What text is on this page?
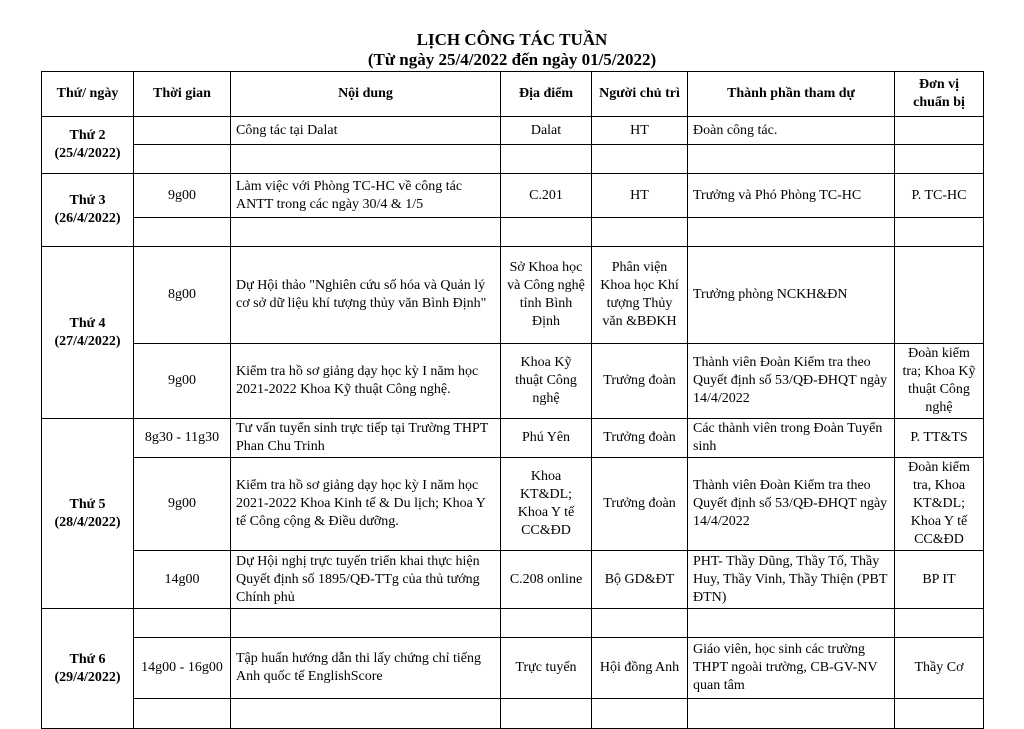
LỊCH CÔNG TÁC TUẦN
(Từ ngày 25/4/2022 đến ngày 01/5/2022)
Thứ/ ngày	Thời gian	Nội dung	Địa điểm	Người chủ trì	Thành phần tham dự	Đơn vị chuẩn bị

Thứ 2
(25/4/2022)		Công tác tại Dalat	Dalat	HT	Đoàn công tác.	

Thứ 3
(26/4/2022)	9g00	Làm việc với Phòng TC-HC về công tác ANTT trong các ngày 30/4 & 1/5	C.201	HT	Trưởng và Phó Phòng TC-HC	P. TC-HC

Thứ 4
(27/4/2022)	8g00	Dự Hội thảo "Nghiên cứu số hóa và Quản lý cơ sở dữ liệu khí tượng thủy văn Bình Định"	Sở Khoa học và Công nghệ tỉnh Bình Định	Phân viện Khoa học Khí tượng Thủy văn &BĐKH	Trưởng phòng NCKH&ĐN	
	9g00	Kiểm tra hồ sơ giảng dạy học kỳ I năm học 2021-2022 Khoa Kỹ thuật Công nghệ.	Khoa Kỹ thuật Công nghệ	Trưởng đoàn	Thành viên Đoàn Kiểm tra theo Quyết định số 53/QĐ-ĐHQT ngày 14/4/2022	Đoàn kiểm tra; Khoa Kỹ thuật Công nghệ

Thứ 5
(28/4/2022)	8g30 - 11g30	Tư vấn tuyển sinh trực tiếp tại Trường THPT Phan Chu Trinh	Phú Yên	Trưởng đoàn	Các thành viên trong Đoàn Tuyển sinh	P. TT&TS
	9g00	Kiểm tra hồ sơ giảng dạy học kỳ I năm học 2021-2022 Khoa Kinh tế & Du lịch; Khoa Y tế Công cộng & Điều dưỡng.	Khoa KT&DL; Khoa Y tế CC&ĐD	Trưởng đoàn	Thành viên Đoàn Kiểm tra theo Quyết định số 53/QĐ-ĐHQT ngày 14/4/2022	Đoàn kiểm tra, Khoa KT&DL; Khoa Y tế CC&ĐD
	14g00	Dự Hội nghị trực tuyến triển khai thực hiện Quyết định số 1895/QĐ-TTg của thủ tướng Chính phủ	C.208 online	Bộ GD&ĐT	PHT- Thầy Dũng, Thầy Tố, Thầy Huy, Thầy Vinh, Thầy Thiện (PBT ĐTN)	BP IT

Thứ 6
(29/4/2022)						

	14g00 - 16g00	Tập huấn hướng dẫn thi lấy chứng chỉ tiếng Anh quốc tế EnglishScore	Trực tuyến	Hội đồng Anh	Giáo viên, học sinh các trường THPT ngoài trường, CB-GV-NV quan tâm	Thầy Cơ
